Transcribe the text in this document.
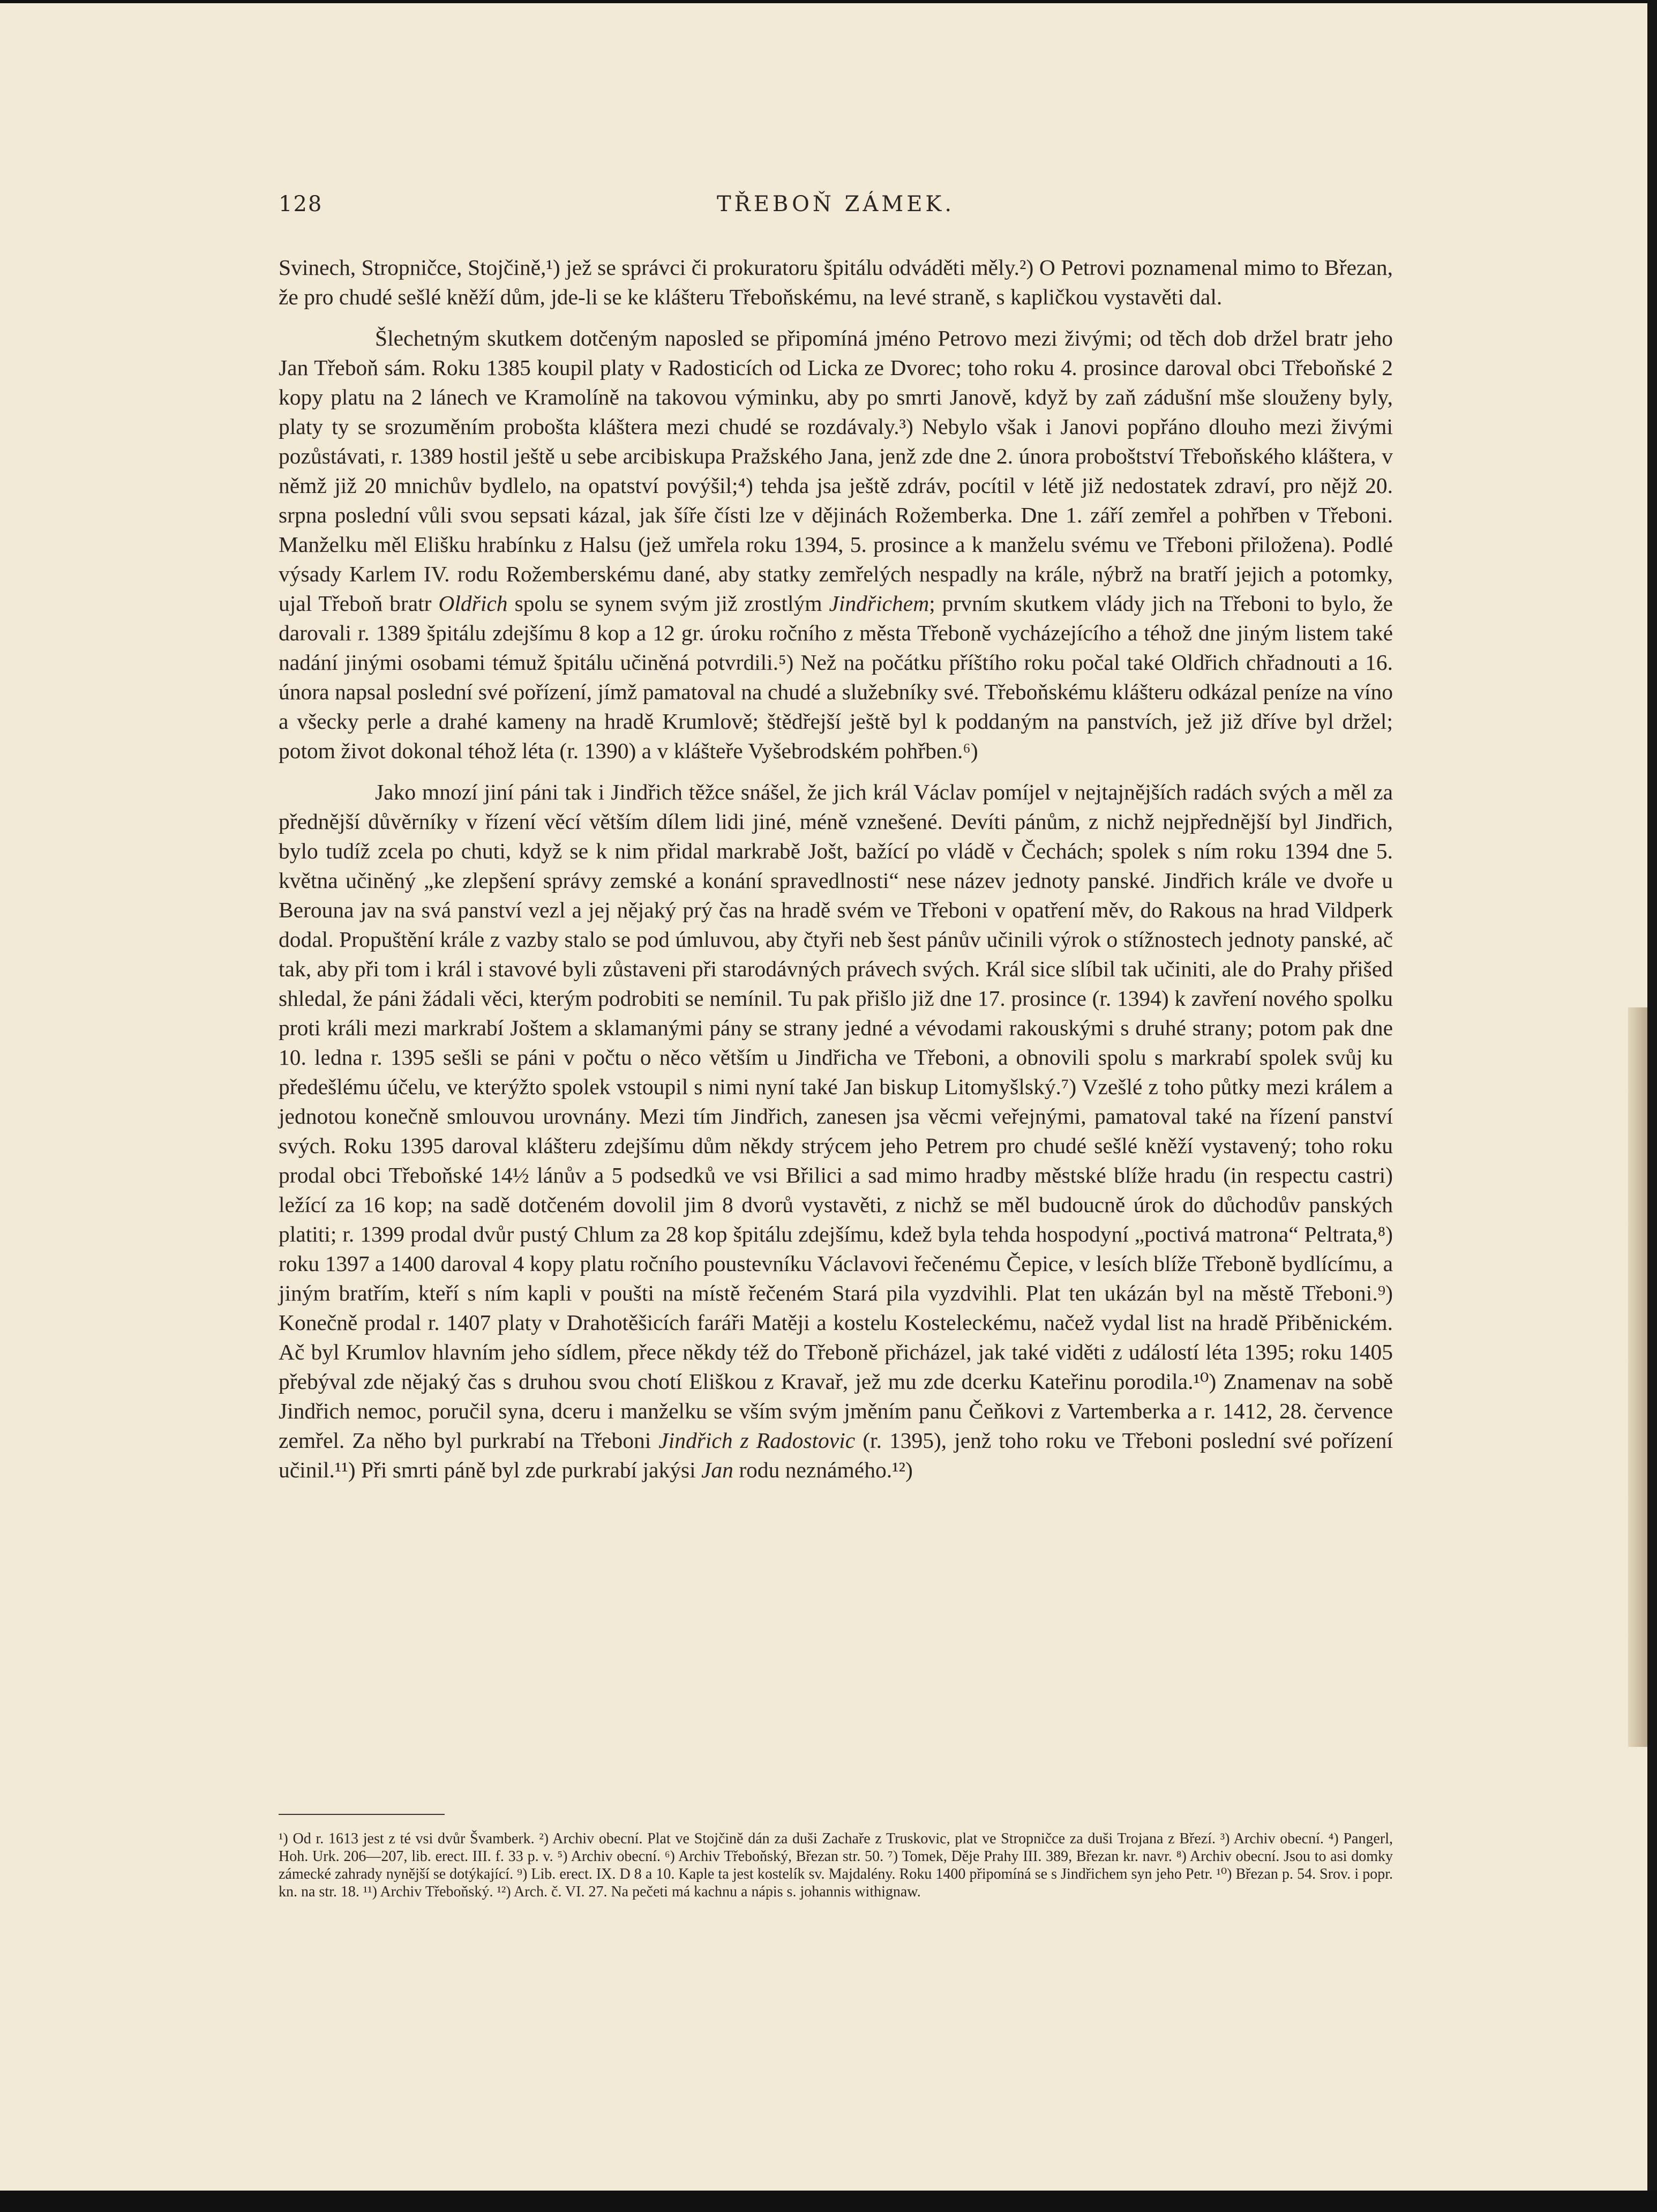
128	TŘEBOŇ ZÁMEK.

Svinech, Stropničce, Stojčině,¹) jež se správci či prokuratoru špitálu odváděti měly.²) O Petrovi poznamenal mimo to Březan, že pro chudé sešlé kněží dům, jde-li se ke klášteru Třeboňskému, na levé straně, s kapličkou vystavěti dal.

Šlechetným skutkem dotčeným naposled se připomíná jméno Petrovo mezi živými; od těch dob držel bratr jeho Jan Třeboň sám. Roku 1385 koupil platy v Radosticích od Licka ze Dvorec; toho roku 4. prosince daroval obci Třeboňské 2 kopy platu na 2 lánech ve Kramolíně na takovou výminku, aby po smrti Janově, když by zaň zádušní mše slouženy byly, platy ty se srozuměním probošta kláštera mezi chudé se rozdávaly.³) Nebylo však i Janovi popřáno dlouho mezi živými pozůstávati, r. 1389 hostil ještě u sebe arcibiskupa Pražského Jana, jenž zde dne 2. února proboštství Třeboňského kláštera, v němž již 20 mnichův bydlelo, na opatství povýšil;⁴) tehda jsa ještě zdráv, pocítil v létě již nedostatek zdraví, pro nějž 20. srpna poslední vůli svou sepsati kázal, jak šíře čísti lze v dějinách Rožemberka. Dne 1. září zemřel a pohřben v Třeboni. Manželku měl Elišku hrabínku z Halsu (jež umřela roku 1394, 5. prosince a k manželu svému ve Třeboni přiložena). Podlé výsady Karlem IV. rodu Rožemberskému dané, aby statky zemřelých nespadly na krále, nýbrž na bratří jejich a potomky, ujal Třeboň bratr Oldřich spolu se synem svým již zrostlým Jindřichem; prvním skutkem vlády jich na Třeboni to bylo, že darovali r. 1389 špitálu zdejšímu 8 kop a 12 gr. úroku ročního z města Třeboně vycházejícího a téhož dne jiným listem také nadání jinými osobami témuž špitálu učiněná potvrdili.⁵) Než na počátku příštího roku počal také Oldřich chřadnouti a 16. února napsal poslední své pořízení, jímž pamatoval na chudé a služebníky své. Třeboňskému klášteru odkázal peníze na víno a všecky perle a drahé kameny na hradě Krumlově; štědřejší ještě byl k poddaným na panstvích, jež již dříve byl držel; potom život dokonal téhož léta (r. 1390) a v klášteře Vyšebrodském pohřben.⁶)

Jako mnozí jiní páni tak i Jindřich těžce snášel, že jich král Václav pomíjel v nejtajnějších radách svých a měl za přednější důvěrníky v řízení věcí větším dílem lidi jiné, méně vznešené. Devíti pánům, z nichž nejpřednější byl Jindřich, bylo tudíž zcela po chuti, když se k nim přidal markrabě Jošt, bažící po vládě v Čechách; spolek s ním roku 1394 dne 5. května učiněný „ke zlepšení správy zemské a konání spravedlnosti“ nese název jednoty panské. Jindřich krále ve dvoře u Berouna jav na svá panství vezl a jej nějaký prý čas na hradě svém ve Třeboni v opatření měv, do Rakous na hrad Vildperk dodal. Propuštění krále z vazby stalo se pod úmluvou, aby čtyři neb šest pánův učinili výrok o stížnostech jednoty panské, ač tak, aby při tom i král i stavové byli zůstaveni při starodávných právech svých. Král sice slíbil tak učiniti, ale do Prahy přišed shledal, že páni žádali věci, kterým podrobiti se nemínil. Tu pak přišlo již dne 17. prosince (r. 1394) k zavření nového spolku proti králi mezi markrabí Joštem a sklamanými pány se strany jedné a vévodami rakouskými s druhé strany; potom pak dne 10. ledna r. 1395 sešli se páni v počtu o něco větším u Jindřicha ve Třeboni, a obnovili spolu s markrabí spolek svůj ku předešlému účelu, ve kterýžto spolek vstoupil s nimi nyní také Jan biskup Litomyšlský.⁷) Vzešlé z toho půtky mezi králem a jednotou konečně smlouvou urovnány. Mezi tím Jindřich, zanesen jsa věcmi veřejnými, pamatoval také na řízení panství svých. Roku 1395 daroval klášteru zdejšímu dům někdy strýcem jeho Petrem pro chudé sešlé kněží vystavený; toho roku prodal obci Třeboňské 14½ lánův a 5 podsedků ve vsi Břilici a sad mimo hradby městské blíže hradu (in respectu castri) ležící za 16 kop; na sadě dotčeném dovolil jim 8 dvorů vystavěti, z nichž se měl budoucně úrok do důchodův panských platiti; r. 1399 prodal dvůr pustý Chlum za 28 kop špitálu zdejšímu, kdež byla tehda hospodyní „poctivá matrona“ Peltrata,⁸) roku 1397 a 1400 daroval 4 kopy platu ročního poustevníku Václavovi řečenému Čepice, v lesích blíže Třeboně bydlícímu, a jiným bratřím, kteří s ním kapli v poušti na místě řečeném Stará pila vyzdvihli. Plat ten ukázán byl na městě Třeboni.⁹) Konečně prodal r. 1407 platy v Drahotěšicích faráři Matěji a kostelu Kosteleckému, načež vydal list na hradě Přiběnickém. Ač byl Krumlov hlavním jeho sídlem, přece někdy též do Třeboně přicházel, jak také viděti z událostí léta 1395; roku 1405 přebýval zde nějaký čas s druhou svou chotí Eliškou z Kravař, jež mu zde dcerku Kateřinu porodila.¹⁰) Znamenav na sobě Jindřich nemoc, poručil syna, dceru i manželku se vším svým jměním panu Čeňkovi z Vartemberka a r. 1412, 28. července zemřel. Za něho byl purkrabí na Třeboni Jindřich z Radostovic (r. 1395), jenž toho roku ve Třeboni poslední své pořízení učinil.¹¹) Při smrti páně byl zde purkrabí jakýsi Jan rodu neznámého.¹²)

¹) Od r. 1613 jest z té vsi dvůr Švamberk. ²) Archiv obecní. Plat ve Stojčině dán za duši Zachaře z Truskovic, plat ve Stropničce za duši Trojana z Březí. ³) Archiv obecní. ⁴) Pangerl, Hoh. Urk. 206—207, lib. erect. III. f. 33 p. v. ⁵) Archiv obecní. ⁶) Archiv Třeboňský, Březan str. 50. ⁷) Tomek, Děje Prahy III. 389, Březan kr. navr. ⁸) Archiv obecní. Jsou to asi domky zámecké zahrady nynější se dotýkající. ⁹) Lib. erect. IX. D 8 a 10. Kaple ta jest kostelík sv. Majdalény. Roku 1400 připomíná se s Jindřichem syn jeho Petr. ¹⁰) Březan p. 54. Srov. i popr. kn. na str. 18. ¹¹) Archiv Třeboňský. ¹²) Arch. č. VI. 27. Na pečeti má kachnu a nápis s. johannis withignaw.
